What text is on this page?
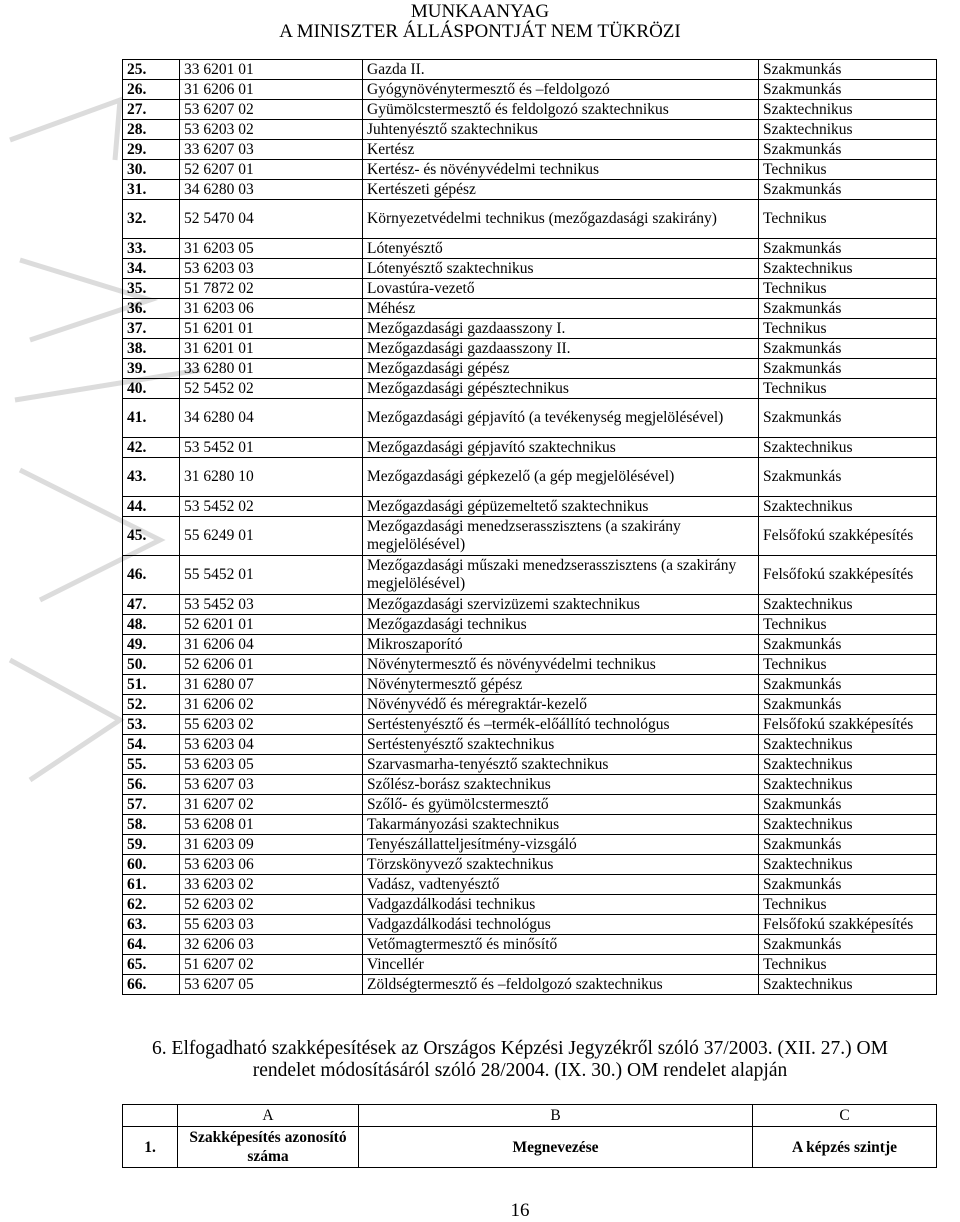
MUNKAANYAG
A MINISZTER ÁLLÁSPONTJÁT NEM TÜKRÖZI
25.	33 6201 01	Gazda II.	Szakmunkás
26.	31 6206 01	Gyógynövénytermesztő és –feldolgozó	Szakmunkás
27.	53 6207 02	Gyümölcstermesztő és feldolgozó szaktechnikus	Szaktechnikus
28.	53 6203 02	Juhtenyésztő szaktechnikus	Szaktechnikus
29.	33 6207 03	Kertész	Szakmunkás
30.	52 6207 01	Kertész- és növényvédelmi technikus	Technikus
31.	34 6280 03	Kertészeti gépész	Szakmunkás
32.	52 5470 04	Környezetvédelmi technikus (mezőgazdasági szakirány)	Technikus
33.	31 6203 05	Lótenyésztő	Szakmunkás
34.	53 6203 03	Lótenyésztő szaktechnikus	Szaktechnikus
35.	51 7872 02	Lovastúra-vezető	Technikus
36.	31 6203 06	Méhész	Szakmunkás
37.	51 6201 01	Mezőgazdasági gazdaasszony I.	Technikus
38.	31 6201 01	Mezőgazdasági gazdaasszony II.	Szakmunkás
39.	33 6280 01	Mezőgazdasági gépész	Szakmunkás
40.	52 5452 02	Mezőgazdasági gépésztechnikus	Technikus
41.	34 6280 04	Mezőgazdasági gépjavító (a tevékenység megjelölésével)	Szakmunkás
42.	53 5452 01	Mezőgazdasági gépjavító szaktechnikus	Szaktechnikus
43.	31 6280 10	Mezőgazdasági gépkezelő (a gép megjelölésével)	Szakmunkás
44.	53 5452 02	Mezőgazdasági gépüzemeltető szaktechnikus	Szaktechnikus
45.	55 6249 01	Mezőgazdasági menedzserasszisztens (a szakirány megjelölésével)	Felsőfokú szakképesítés
46.	55 5452 01	Mezőgazdasági műszaki menedzserasszisztens (a szakirány megjelölésével)	Felsőfokú szakképesítés
47.	53 5452 03	Mezőgazdasági szervizüzemi szaktechnikus	Szaktechnikus
48.	52 6201 01	Mezőgazdasági technikus	Technikus
49.	31 6206 04	Mikroszaporító	Szakmunkás
50.	52 6206 01	Növénytermesztő és növényvédelmi technikus	Technikus
51.	31 6280 07	Növénytermesztő gépész	Szakmunkás
52.	31 6206 02	Növényvédő és méregraktár-kezelő	Szakmunkás
53.	55 6203 02	Sertéstenyésztő és –termék-előállító technológus	Felsőfokú szakképesítés
54.	53 6203 04	Sertéstenyésztő szaktechnikus	Szaktechnikus
55.	53 6203 05	Szarvasmarha-tenyésztő szaktechnikus	Szaktechnikus
56.	53 6207 03	Szőlész-borász szaktechnikus	Szaktechnikus
57.	31 6207 02	Szőlő- és gyümölcstermesztő	Szakmunkás
58.	53 6208 01	Takarmányozási szaktechnikus	Szaktechnikus
59.	31 6203 09	Tenyészállatteljesítmény-vizsgáló	Szakmunkás
60.	53 6203 06	Törzskönyvező szaktechnikus	Szaktechnikus
61.	33 6203 02	Vadász, vadtenyésztő	Szakmunkás
62.	52 6203 02	Vadgazdálkodási technikus	Technikus
63.	55 6203 03	Vadgazdálkodási technológus	Felsőfokú szakképesítés
64.	32 6206 03	Vetőmagtermesztő és minősítő	Szakmunkás
65.	51 6207 02	Vincellér	Technikus
66.	53 6207 05	Zöldségtermesztő és –feldolgozó szaktechnikus	Szaktechnikus
6. Elfogadható szakképesítések az Országos Képzési Jegyzékről szóló 37/2003. (XII. 27.) OM
rendelet módosításáról szóló 28/2004. (IX. 30.) OM rendelet alapján
	A	B	C
1.	Szakképesítés azonosító száma	Megnevezése	A képzés szintje
16
